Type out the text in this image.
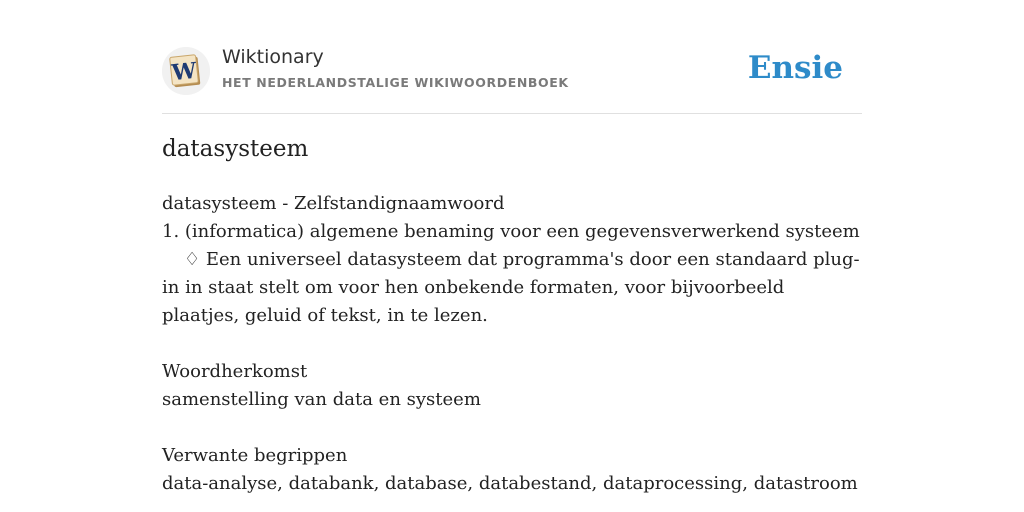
W
Wiktionary
HET NEDERLANDSTALIGE WIKIWOORDENBOEK	Ensie
datasysteem
datasysteem - Zelfstandignaamwoord
1. (informatica) algemene benaming voor een gegevensverwerkend systeem
♢ Een universeel datasysteem dat programma's door een standaard plug-in in staat stelt om voor hen onbekende formaten, voor bijvoorbeeld plaatjes, geluid of tekst, in te lezen.
Woordherkomst
samenstelling van data en systeem
Verwante begrippen
data-analyse, databank, database, databestand, dataprocessing, datastroom
